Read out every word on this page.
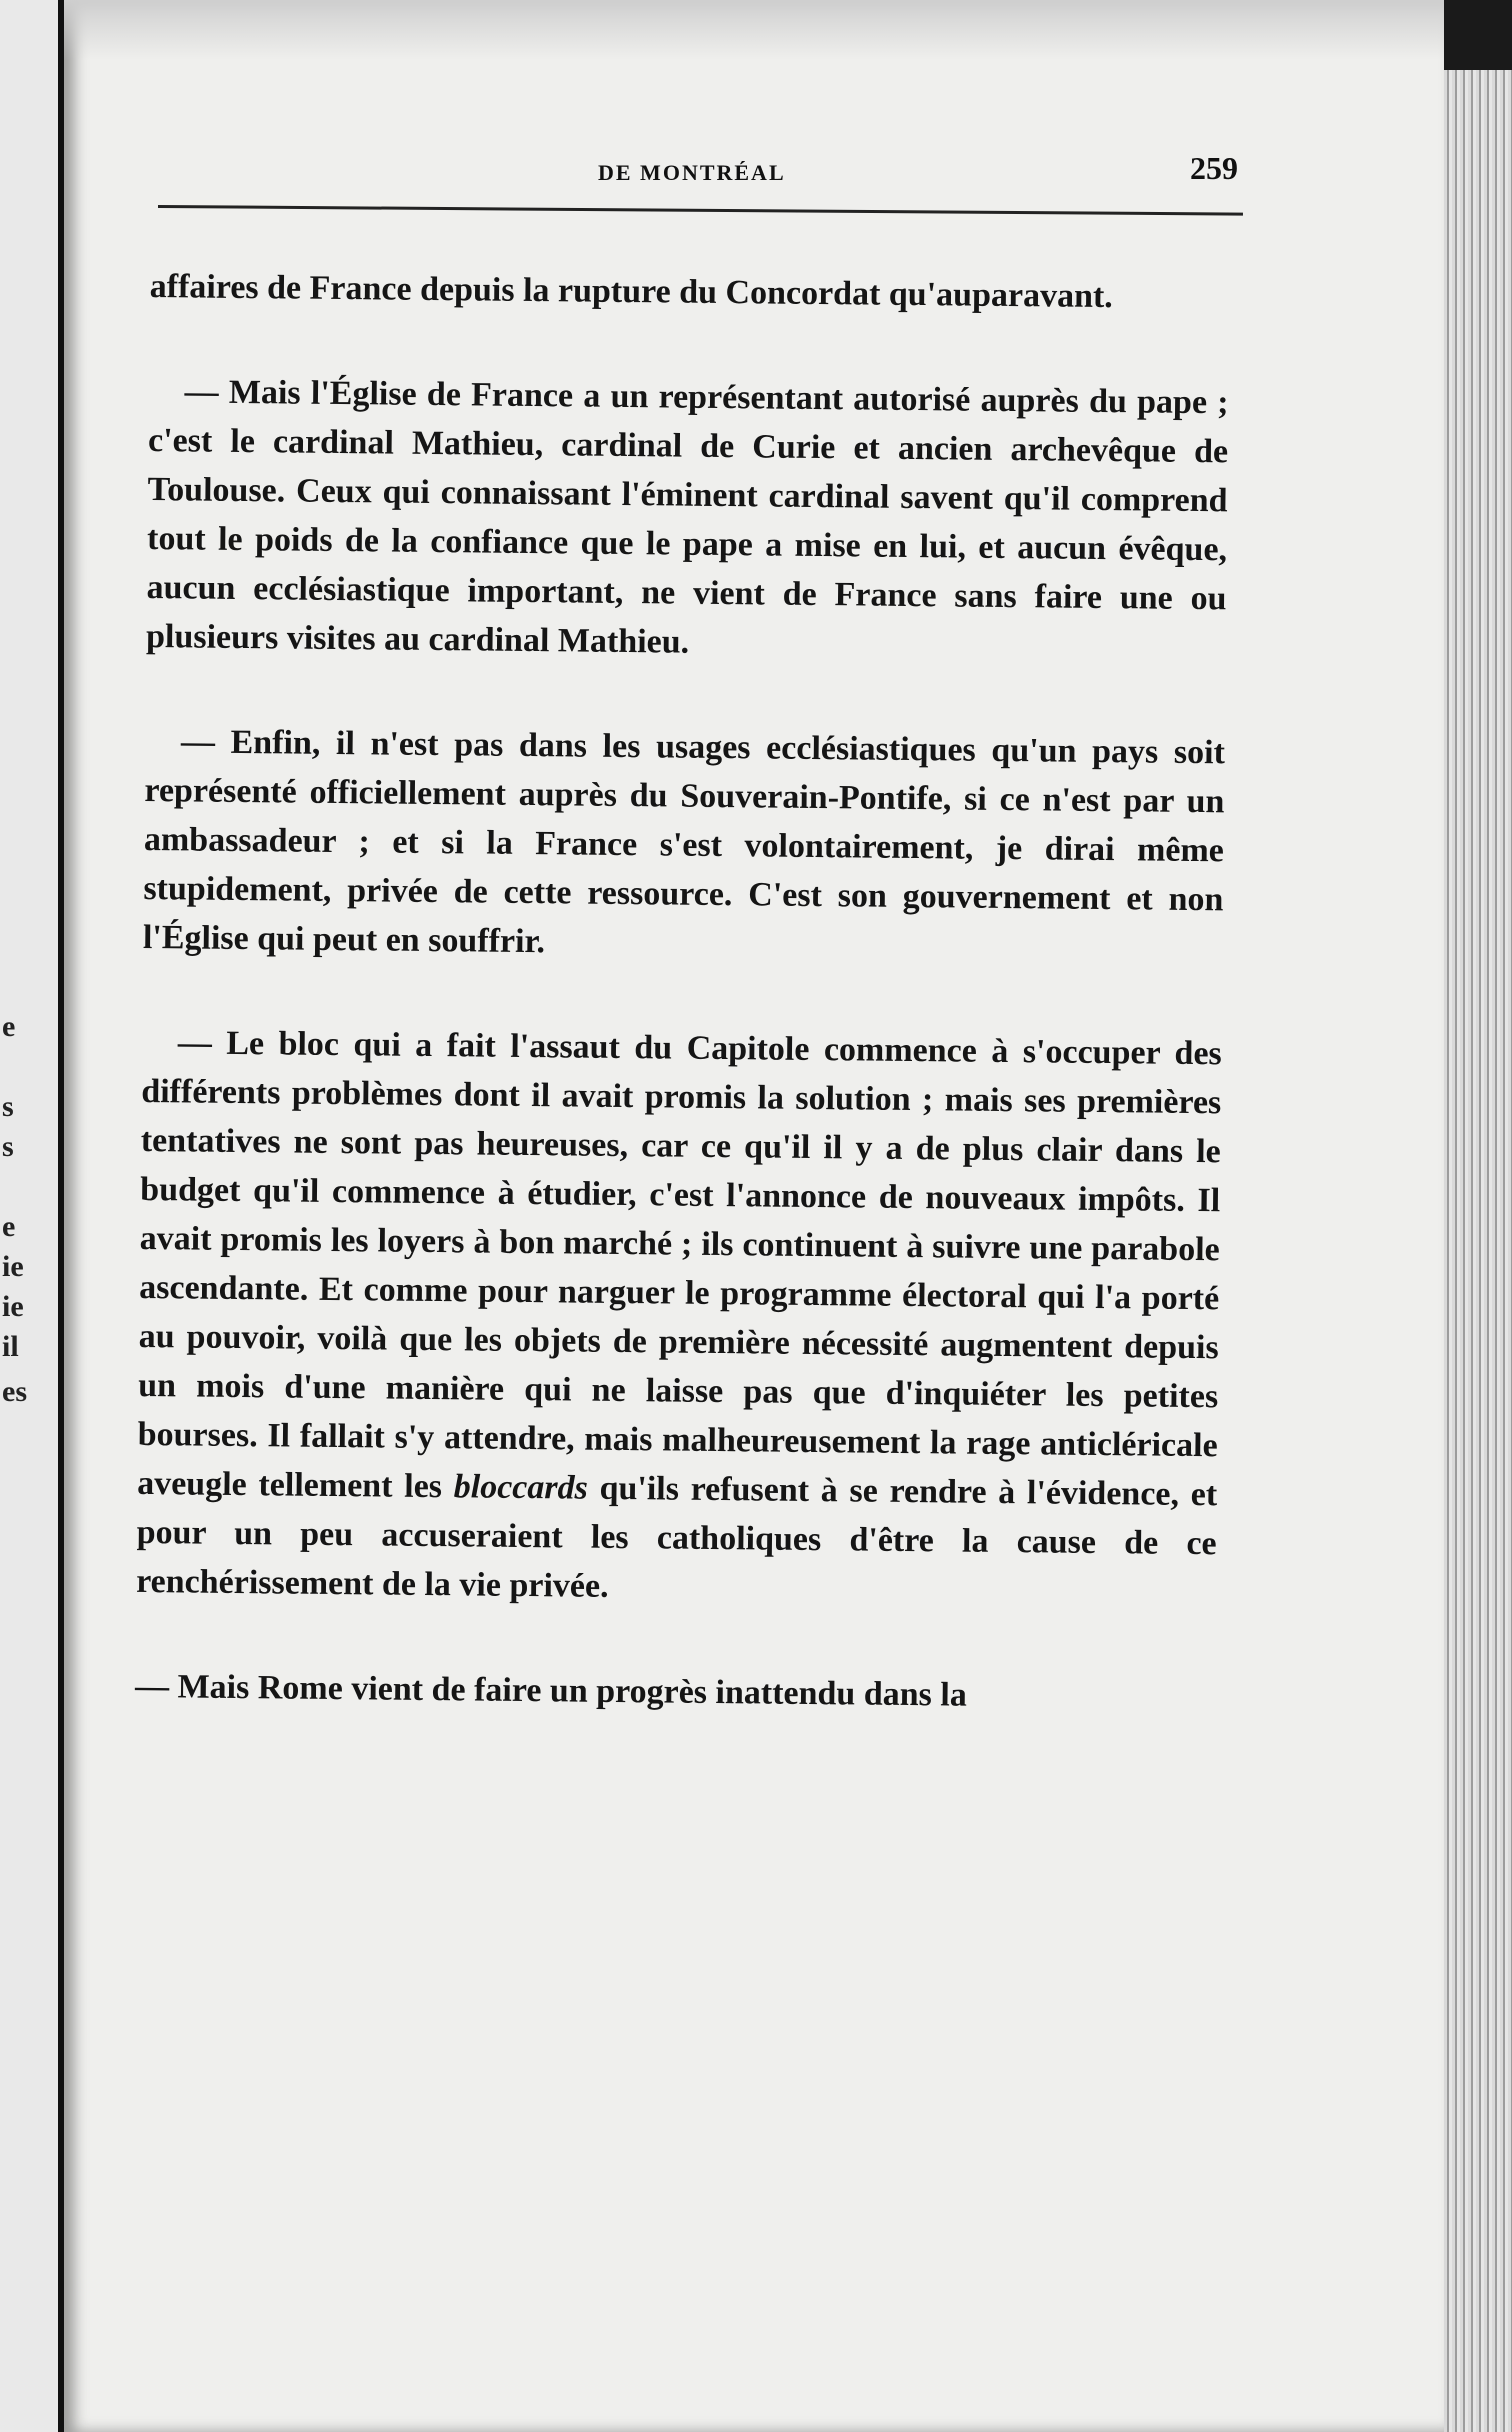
e
s
s
e
ie
ie
il
es
DE MONTRÉAL	259

affaires de France depuis la rupture du Concordat qu'auparavant.

— Mais l'Église de France a un représentant autorisé auprès du pape ; c'est le cardinal Mathieu, cardinal de Curie et ancien archevêque de Toulouse. Ceux qui connaissant l'éminent cardinal savent qu'il comprend tout le poids de la confiance que le pape a mise en lui, et aucun évêque, aucun ecclésiastique important, ne vient de France sans faire une ou plusieurs visites au cardinal Mathieu.

— Enfin, il n'est pas dans les usages ecclésiastiques qu'un pays soit représenté officiellement auprès du Souverain-Pontife, si ce n'est par un ambassadeur ; et si la France s'est volontairement, je dirai même stupidement, privée de cette ressource. C'est son gouvernement et non l'Église qui peut en souffrir.

— Le bloc qui a fait l'assaut du Capitole commence à s'occuper des différents problèmes dont il avait promis la solution ; mais ses premières tentatives ne sont pas heureuses, car ce qu'il il y a de plus clair dans le budget qu'il commence à étudier, c'est l'annonce de nouveaux impôts. Il avait promis les loyers à bon marché ; ils continuent à suivre une parabole ascendante. Et comme pour narguer le programme électoral qui l'a porté au pouvoir, voilà que les objets de première nécessité augmentent depuis un mois d'une manière qui ne laisse pas que d'inquiéter les petites bourses. Il fallait s'y attendre, mais malheureusement la rage anticléricale aveugle tellement les bloccards qu'ils refusent à se rendre à l'évidence, et pour un peu accuseraient les catholiques d'être la cause de ce renchérissement de la vie privée.

— Mais Rome vient de faire un progrès inattendu dans la
